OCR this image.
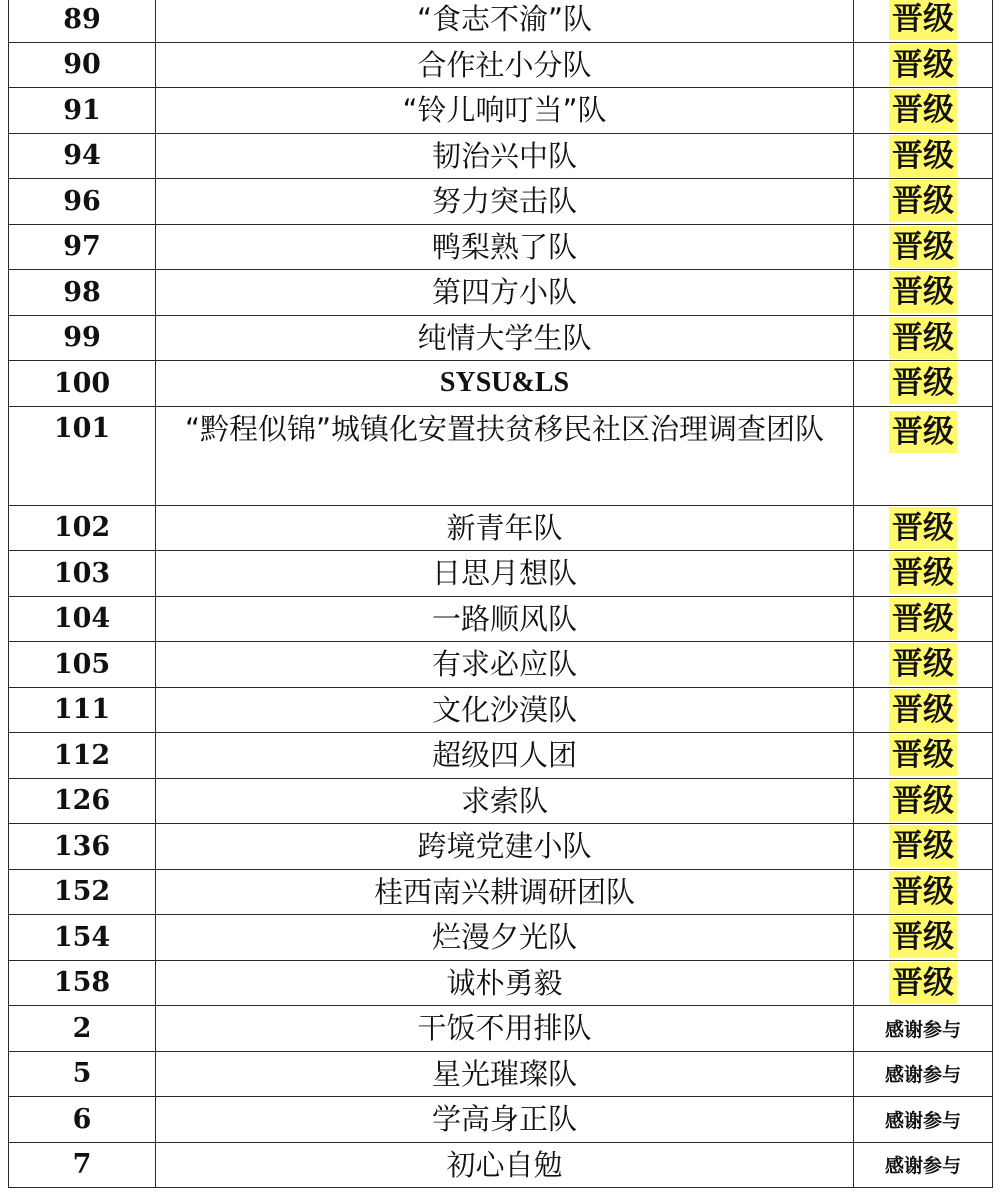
89	“食志不渝”队	晋级
90	合作社小分队	晋级
91	“铃儿响叮当”队	晋级
94	韧治兴中队	晋级
96	努力突击队	晋级
97	鸭梨熟了队	晋级
98	第四方小队	晋级
99	纯情大学生队	晋级
100	SYSU&LS	晋级
101	“黔程似锦”城镇化安置扶贫移民社区治理调查团队	晋级
102	新青年队	晋级
103	日思月想队	晋级
104	一路顺风队	晋级
105	有求必应队	晋级
111	文化沙漠队	晋级
112	超级四人团	晋级
126	求索队	晋级
136	跨境党建小队	晋级
152	桂西南兴耕调研团队	晋级
154	烂漫夕光队	晋级
158	诚朴勇毅	晋级
2	干饭不用排队	感谢参与
5	星光璀璨队	感谢参与
6	学高身正队	感谢参与
7	初心自勉	感谢参与
